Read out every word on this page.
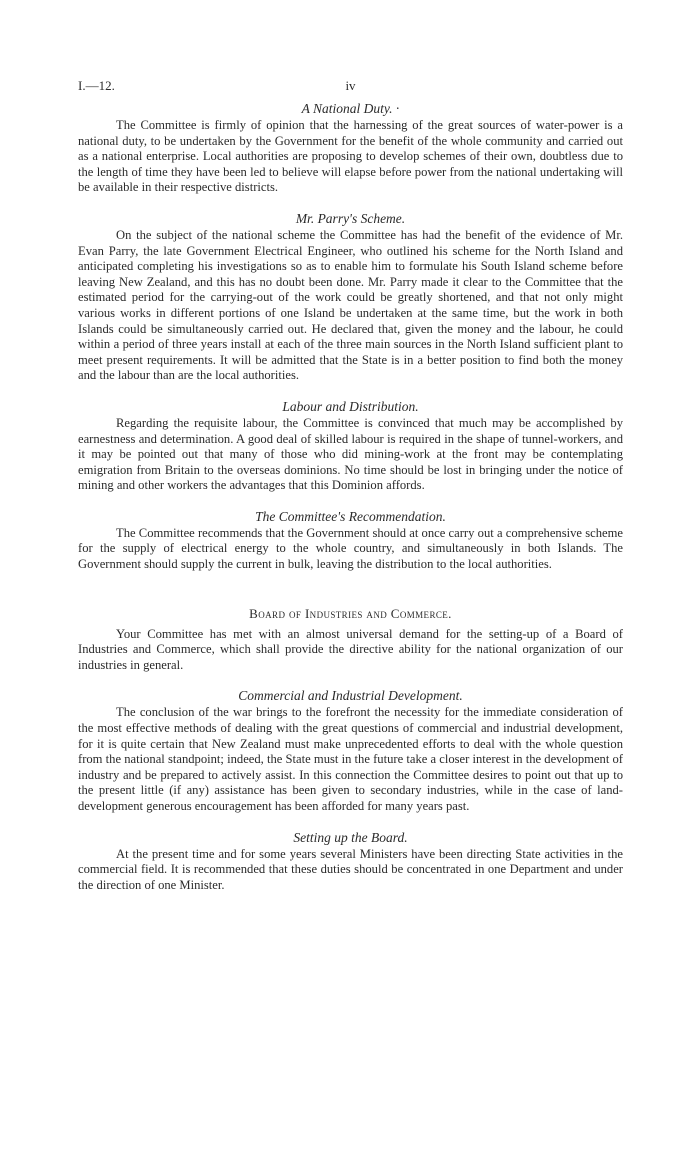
I.—12.	iv
A National Duty. ·

The Committee is firmly of opinion that the harnessing of the great sources of water-power is a national duty, to be undertaken by the Government for the benefit of the whole community and carried out as a national enterprise. Local authorities are proposing to develop schemes of their own, doubtless due to the length of time they have been led to believe will elapse before power from the national undertaking will be available in their respective districts.

Mr. Parry's Scheme.

On the subject of the national scheme the Committee has had the benefit of the evidence of Mr. Evan Parry, the late Government Electrical Engineer, who outlined his scheme for the North Island and anticipated completing his investigations so as to enable him to formulate his South Island scheme before leaving New Zealand, and this has no doubt been done. Mr. Parry made it clear to the Committee that the estimated period for the carrying-out of the work could be greatly shortened, and that not only might various works in different portions of one Island be undertaken at the same time, but the work in both Islands could be simultaneously carried out. He declared that, given the money and the labour, he could within a period of three years install at each of the three main sources in the North Island sufficient plant to meet present requirements. It will be admitted that the State is in a better position to find both the money and the labour than are the local authorities.

Labour and Distribution.

Regarding the requisite labour, the Committee is convinced that much may be accomplished by earnestness and determination. A good deal of skilled labour is required in the shape of tunnel-workers, and it may be pointed out that many of those who did mining-work at the front may be contemplating emigration from Britain to the overseas dominions. No time should be lost in bringing under the notice of mining and other workers the advantages that this Dominion affords.

The Committee's Recommendation.

The Committee recommends that the Government should at once carry out a comprehensive scheme for the supply of electrical energy to the whole country, and simultaneously in both Islands. The Government should supply the current in bulk, leaving the distribution to the local authorities.

Board of Industries and Commerce.

Your Committee has met with an almost universal demand for the setting-up of a Board of Industries and Commerce, which shall provide the directive ability for the national organization of our industries in general.

Commercial and Industrial Development.

The conclusion of the war brings to the forefront the necessity for the immediate consideration of the most effective methods of dealing with the great questions of commercial and industrial development, for it is quite certain that New Zealand must make unprecedented efforts to deal with the whole question from the national standpoint; indeed, the State must in the future take a closer interest in the development of industry and be prepared to actively assist. In this connection the Committee desires to point out that up to the present little (if any) assistance has been given to secondary industries, while in the case of land-development generous encouragement has been afforded for many years past.

Setting up the Board.

At the present time and for some years several Ministers have been directing State activities in the commercial field. It is recommended that these duties should be concentrated in one Department and under the direction of one Minister.
